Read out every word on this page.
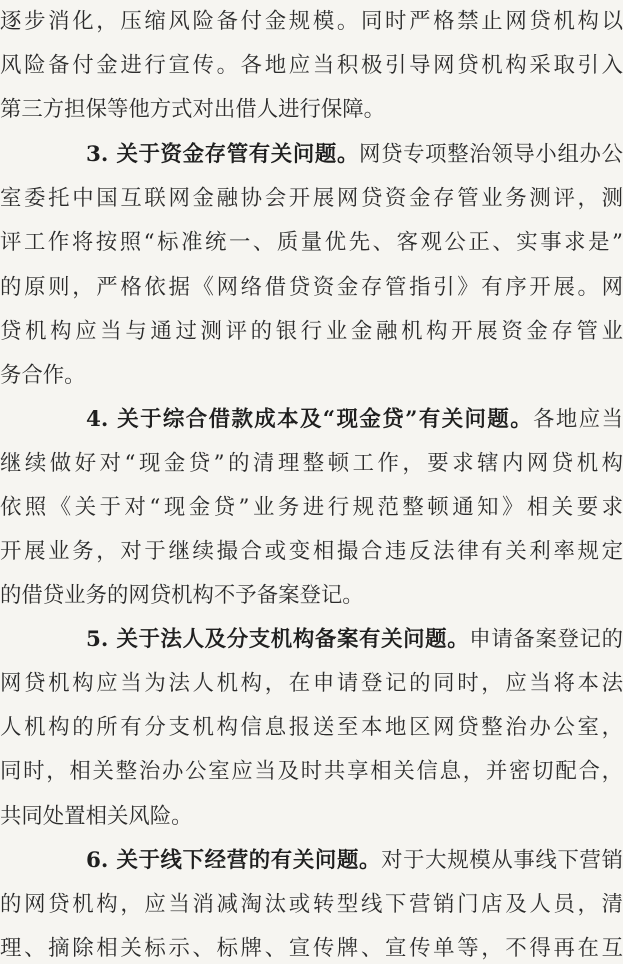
逐步消化，压缩风险备付金规模。同时严格禁止网贷机构以
风险备付金进行宣传。各地应当积极引导网贷机构采取引入
第三方担保等他方式对出借人进行保障。
3. 关于资金存管有关问题。网贷专项整治领导小组办公
室委托中国互联网金融协会开展网贷资金存管业务测评，测
评工作将按照“标准统一、质量优先、客观公正、实事求是”
的原则，严格依据《网络借贷资金存管指引》有序开展。网
贷机构应当与通过测评的银行业金融机构开展资金存管业
务合作。
4. 关于综合借款成本及“现金贷”有关问题。各地应当
继续做好对“现金贷”的清理整顿工作，要求辖内网贷机构
依照《关于对“现金贷”业务进行规范整顿通知》相关要求
开展业务，对于继续撮合或变相撮合违反法律有关利率规定
的借贷业务的网贷机构不予备案登记。
5. 关于法人及分支机构备案有关问题。申请备案登记的
网贷机构应当为法人机构，在申请登记的同时，应当将本法
人机构的所有分支机构信息报送至本地区网贷整治办公室，
同时，相关整治办公室应当及时共享相关信息，并密切配合，
共同处置相关风险。
6. 关于线下经营的有关问题。对于大规模从事线下营销
的网贷机构，应当消减淘汰或转型线下营销门店及人员，清
理、摘除相关标示、标牌、宣传牌、宣传单等，不得再在互
